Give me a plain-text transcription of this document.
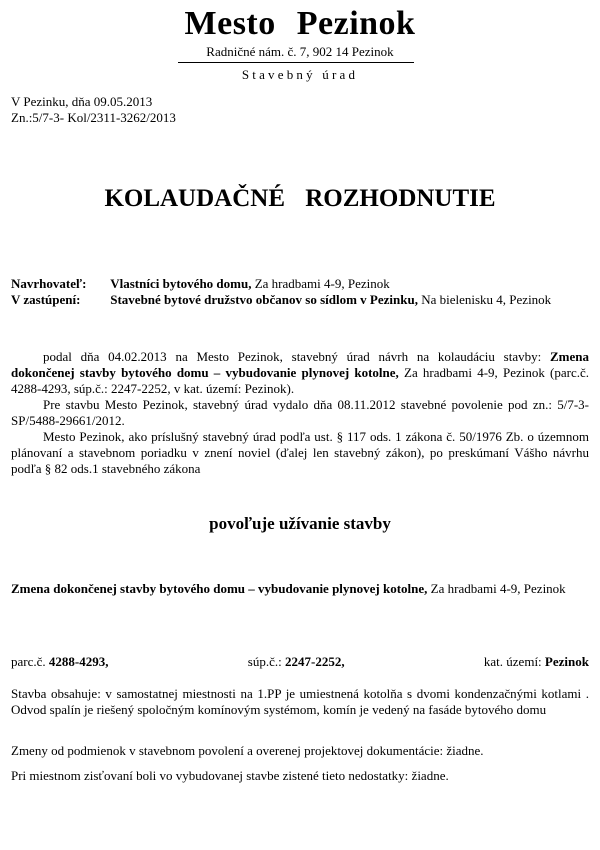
Mesto Pezinok
Radničné nám. č. 7, 902 14 Pezinok
Stavebný úrad
V Pezinku, dňa 09.05.2013
Zn.:5/7-3- Kol/2311-3262/2013
KOLAUDAČNÉ ROZHODNUTIE
Navrhovateľ: Vlastníci bytového domu, Za hradbami 4-9, Pezinok
V zastúpení: Stavebné bytové družstvo občanov so sídlom v Pezinku, Na bielenisku 4, Pezinok
podal dňa 04.02.2013 na Mesto Pezinok, stavebný úrad návrh na kolaudáciu stavby: Zmena dokončenej stavby bytového domu – vybudovanie plynovej kotolne, Za hradbami 4-9, Pezinok (parc.č. 4288-4293, súp.č.: 2247-2252, v kat. území: Pezinok).
Pre stavbu Mesto Pezinok, stavebný úrad vydalo dňa 08.11.2012 stavebné povolenie pod zn.: 5/7-3-SP/5488-29661/2012.
Mesto Pezinok, ako príslušný stavebný úrad podľa ust. § 117 ods. 1 zákona č. 50/1976 Zb. o územnom plánovaní a stavebnom poriadku v znení noviel (ďalej len stavebný zákon), po preskúmaní Vášho návrhu podľa § 82 ods.1 stavebného zákona
povoľuje užívanie stavby
Zmena dokončenej stavby bytového domu – vybudovanie plynovej kotolne, Za hradbami 4-9, Pezinok
parc.č. 4288-4293,	súp.č.: 2247-2252,	kat. území: Pezinok
Stavba obsahuje: v samostatnej miestnosti na 1.PP je umiestnená kotolňa s dvomi kondenzačnými kotlami . Odvod spalín je riešený spoločným komínovým systémom, komín je vedený na fasáde bytového domu
Zmeny od podmienok v stavebnom povolení a overenej projektovej dokumentácie: žiadne.
Pri miestnom zisťovaní boli vo vybudovanej stavbe zistené tieto nedostatky: žiadne.
